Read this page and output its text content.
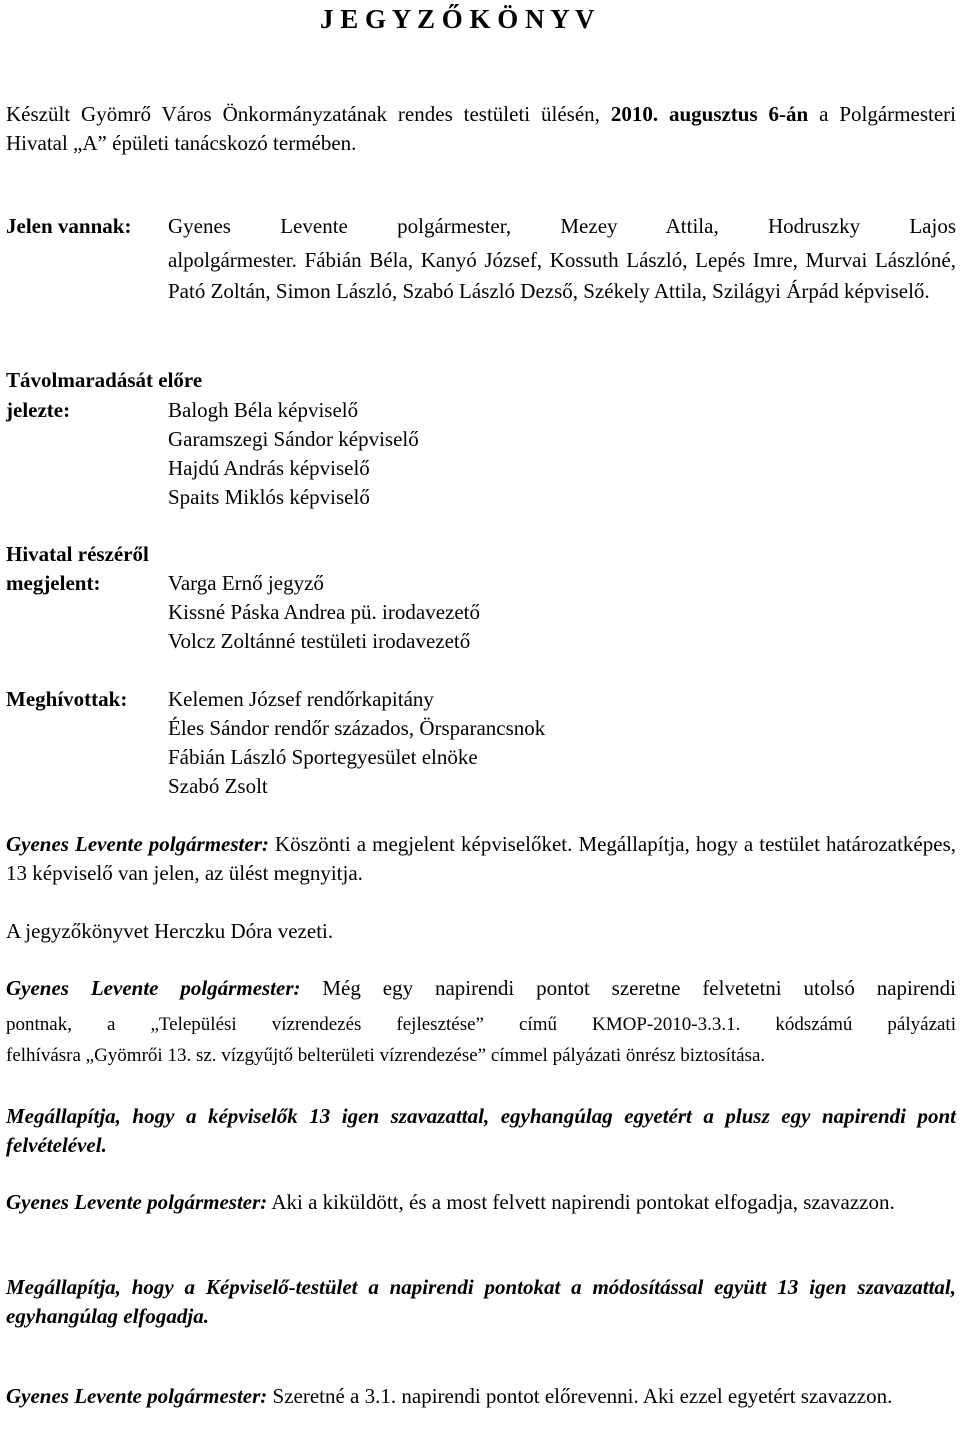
J E G Y Z Ő K Ö N Y V

Készült Gyömrő Város Önkormányzatának rendes testületi ülésén, 2010. augusztus 6-án a Polgármesteri Hivatal „A” épületi tanácskozó termében.

Jelen vannak: Gyenes Levente polgármester, Mezey Attila, Hodruszky Lajos
alpolgármester. Fábián Béla, Kanyó József, Kossuth László, Lepés Imre, Murvai Lászlóné, Pató Zoltán, Simon László, Szabó László Dezső, Székely Attila, Szilágyi Árpád képviselő.
Távolmaradását előre
jelezte:	Balogh Béla képviselő
Garamszegi Sándor képviselő
Hajdú András képviselő
Spaits Miklós képviselő
Hivatal részéről
megjelent:	Varga Ernő jegyző
Kissné Páska Andrea pü. irodavezető
Volcz Zoltánné testületi irodavezető
Meghívottak: Kelemen József rendőrkapitány
Éles Sándor rendőr százados, Örsparancsnok
Fábián László Sportegyesület elnöke
Szabó Zsolt

Gyenes Levente polgármester: Köszönti a megjelent képviselőket. Megállapítja, hogy a testület határozatképes, 13 képviselő van jelen, az ülést megnyitja.

A jegyzőkönyvet Herczku Dóra vezeti.

Gyenes Levente polgármester: Még egy napirendi pontot szeretne felvetetni utolsó napirendi

pontnak, a „Települési vízrendezés fejlesztése” című KMOP-2010-3.3.1. kódszámú pályázati

felhívásra „Gyömrői 13. sz. vízgyűjtő belterületi vízrendezése” címmel pályázati önrész biztosítása.

Megállapítja, hogy a képviselők 13 igen szavazattal, egyhangúlag egyetért a plusz egy napirendi pont felvételével.

Gyenes Levente polgármester: Aki a kiküldött, és a most felvett napirendi pontokat elfogadja, szavazzon.

Megállapítja, hogy a Képviselő-testület a napirendi pontokat a módosítással együtt 13 igen szavazattal, egyhangúlag elfogadja.

Gyenes Levente polgármester: Szeretné a 3.1. napirendi pontot előrevenni. Aki ezzel egyetért szavazzon.
